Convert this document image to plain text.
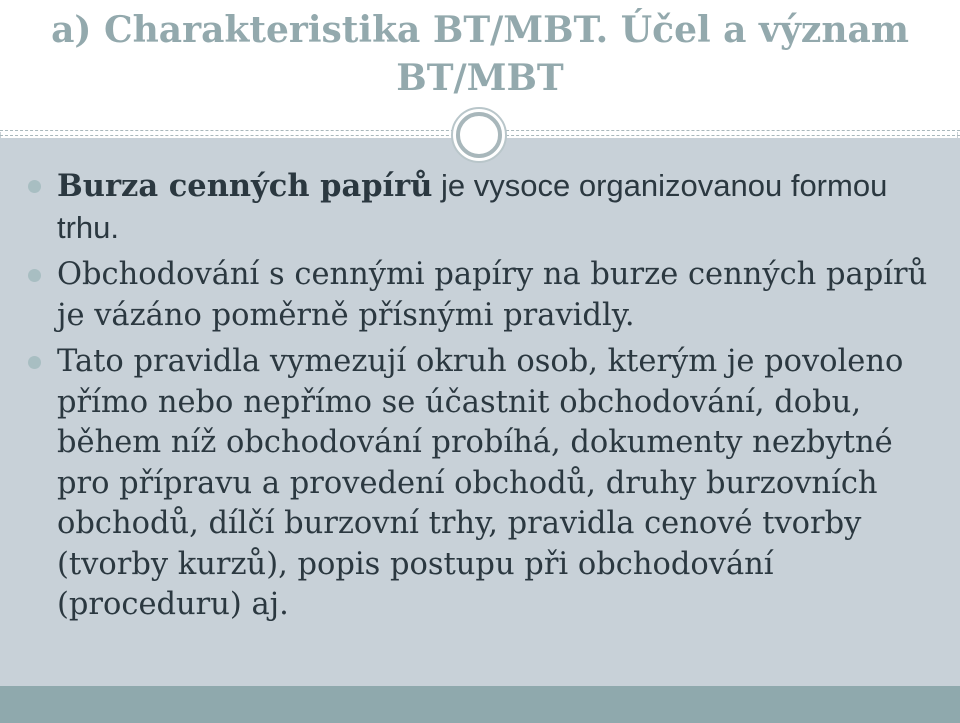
a) Charakteristika BT/MBT. Účel a význam BT/MBT
Burza cenných papírů je vysoce organizovanou formou trhu.
Obchodování s cennými papíry na burze cenných papírů je vázáno poměrně přísnými pravidly.
Tato pravidla vymezují okruh osob, kterým je povoleno přímo nebo nepřímo se účastnit obchodování, dobu, během níž obchodování probíhá, dokumenty nezbytné pro přípravu a provedení obchodů, druhy burzovních obchodů, dílčí burzovní trhy, pravidla cenové tvorby (tvorby kurzů), popis postupu při obchodování (proceduru) aj.
